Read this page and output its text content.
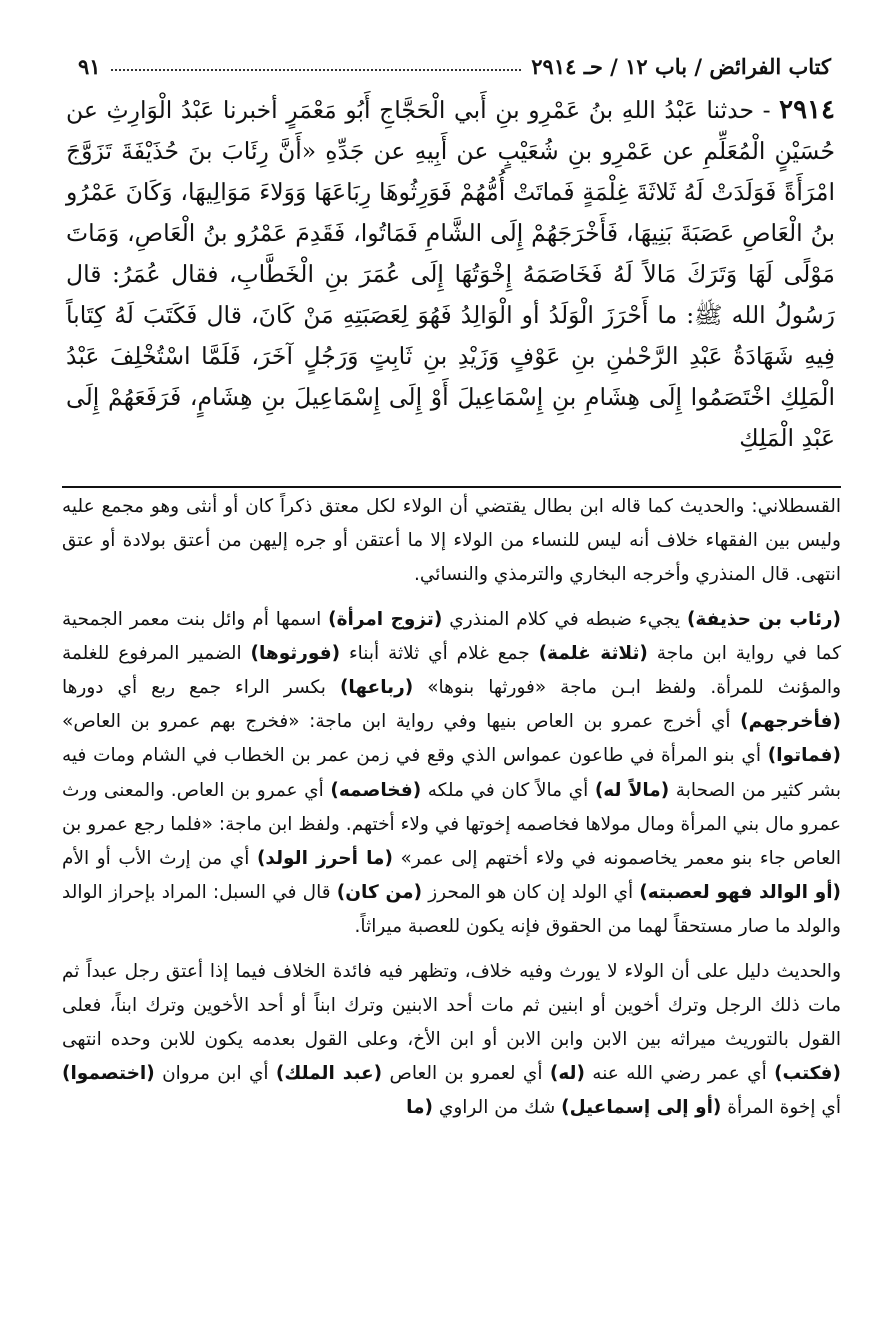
كتاب الفرائض / باب ١٢ / حـ ٢٩١٤
٩١
٢٩١٤ - حدثنا عَبْدُ اللهِ بنُ عَمْرِو بنِ أَبي الْحَجَّاجِ أَبُو مَعْمَرٍ أخبرنا عَبْدُ الْوَارِثِ عن حُسَيْنٍ الْمُعَلِّمِ عن عَمْرِو بنِ شُعَيْبٍ عن أَبِيهِ عن جَدِّهِ «أَنَّ رِئَابَ بنَ حُذَيْفَةَ تَزَوَّجَ امْرَأَةً فَوَلَدَتْ لَهُ ثَلاثَةَ غِلْمَةٍ فَماتَتْ أُمُّهُمْ فَوَرِثُوهَا رِبَاعَهَا وَوَلاءَ مَوَالِيهَا، وَكَانَ عَمْرُو بنُ الْعَاصِ عَصَبَةَ بَنِيهَا، فَأَخْرَجَهُمْ إِلَى الشَّامِ فَمَاتُوا، فَقَدِمَ عَمْرُو بنُ الْعَاصِ، وَمَاتَ مَوْلًى لَهَا وَتَرَكَ مَالاً لَهُ فَخَاصَمَهُ إِخْوَتُهَا إِلَى عُمَرَ بنِ الْخَطَّابِ، فقال عُمَرُ: قال رَسُولُ الله ﷺ: ما أَحْرَزَ الْوَلَدُ أو الْوَالِدُ فَهُوَ لِعَصَبَتِهِ مَنْ كَانَ، قال فَكَتَبَ لَهُ كِتَاباً فِيهِ شَهَادَةُ عَبْدِ الرَّحْمٰنِ بنِ عَوْفٍ وَزَيْدِ بنِ ثَابِتٍ وَرَجُلٍ آخَرَ، فَلَمَّا اسْتُخْلِفَ عَبْدُ الْمَلِكِ اخْتَصَمُوا إِلَى هِشَامِ بنِ إِسْمَاعِيلَ أَوْ إِلَى إِسْمَاعِيلَ بنِ هِشَامٍ، فَرَفَعَهُمْ إِلَى عَبْدِ الْمَلِكِ

القسطلاني: والحديث كما قاله ابن بطال يقتضي أن الولاء لكل معتق ذكراً كان أو أنثى وهو مجمع عليه وليس بين الفقهاء خلاف أنه ليس للنساء من الولاء إلا ما أعتقن أو جره إليهن من أعتق بولادة أو عتق انتهى. قال المنذري وأخرجه البخاري والترمذي والنسائي.

(رئاب بن حذيفة) يجيء ضبطه في كلام المنذري (تزوج امرأة) اسمها أم وائل بنت معمر الجمحية كما في رواية ابن ماجة (ثلاثة غلمة) جمع غلام أي ثلاثة أبناء (فورثوها) الضمير المرفوع للغلمة والمؤنث للمرأة. ولفظ ابـن ماجة «فورثها بنوها» (رباعها) بكسر الراء جمع ربع أي دورها (فأخرجهم) أي أخرج عمرو بن العاص بنيها وفي رواية ابن ماجة: «فخرج بهم عمرو بن العاص» (فماتوا) أي بنو المرأة في طاعون عمواس الذي وقع في زمن عمر بن الخطاب في الشام ومات فيه بشر كثير من الصحابة (مالاً له) أي مالاً كان في ملكه (فخاصمه) أي عمرو بن العاص. والمعنى ورث عمرو مال بني المرأة ومال مولاها فخاصمه إخوتها في ولاء أختهم. ولفظ ابن ماجة: «فلما رجع عمرو بن العاص جاء بنو معمر يخاصمونه في ولاء أختهم إلى عمر» (ما أحرز الولد) أي من إرث الأب أو الأم (أو الوالد فهو لعصبته) أي الولد إن كان هو المحرز (من كان) قال في السبل: المراد بإحراز الوالد والولد ما صار مستحقاً لهما من الحقوق فإنه يكون للعصبة ميراثاً.

والحديث دليل على أن الولاء لا يورث وفيه خلاف، وتظهر فيه فائدة الخلاف فيما إذا أعتق رجل عبداً ثم مات ذلك الرجل وترك أخوين أو ابنين ثم مات أحد الابنين وترك ابناً أو أحد الأخوين وترك ابناً، فعلى القول بالتوريث ميراثه بين الابن وابن الابن أو ابن الأخ، وعلى القول بعدمه يكون للابن وحده انتهى (فكتب) أي عمر رضي الله عنه (له) أي لعمرو بن العاص (عبد الملك) أي ابن مروان (اختصموا) أي إخوة المرأة (أو إلى إسماعيل) شك من الراوي (ما
